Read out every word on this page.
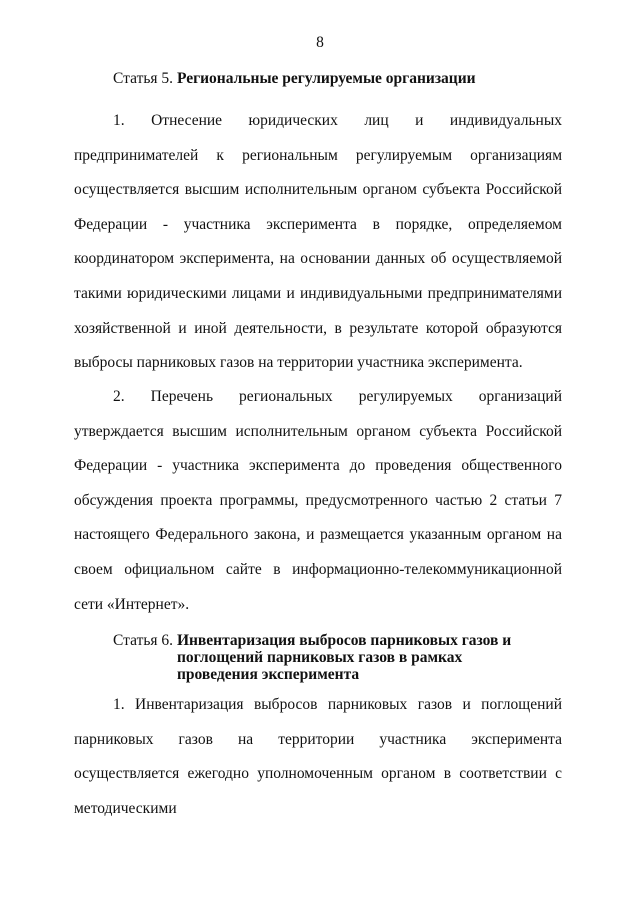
8
Статья 5.
Региональные регулируемые организации

1. Отнесение юридических лиц и индивидуальных предпринимателей к региональным регулируемым организациям осуществляется высшим исполнительным органом субъекта Российской Федерации - участника эксперимента в порядке, определяемом координатором эксперимента, на основании данных об осуществляемой такими юридическими лицами и индивидуальными предпринимателями хозяйственной и иной деятельности, в результате которой образуются выбросы парниковых газов на территории участника эксперимента.

2. Перечень региональных регулируемых организаций утверждается высшим исполнительным органом субъекта Российской Федерации - участника эксперимента до проведения общественного обсуждения проекта программы, предусмотренного частью 2 статьи 7 настоящего Федерального закона, и размещается указанным органом на своем официальном сайте в информационно-телекоммуникационной сети «Интернет».

Статья 6.
Инвентаризация выбросов парниковых газов и поглощений парниковых газов в рамках проведения эксперимента

1. Инвентаризация выбросов парниковых газов и поглощений парниковых газов на территории участника эксперимента осуществляется ежегодно уполномоченным органом в соответствии с методическими
